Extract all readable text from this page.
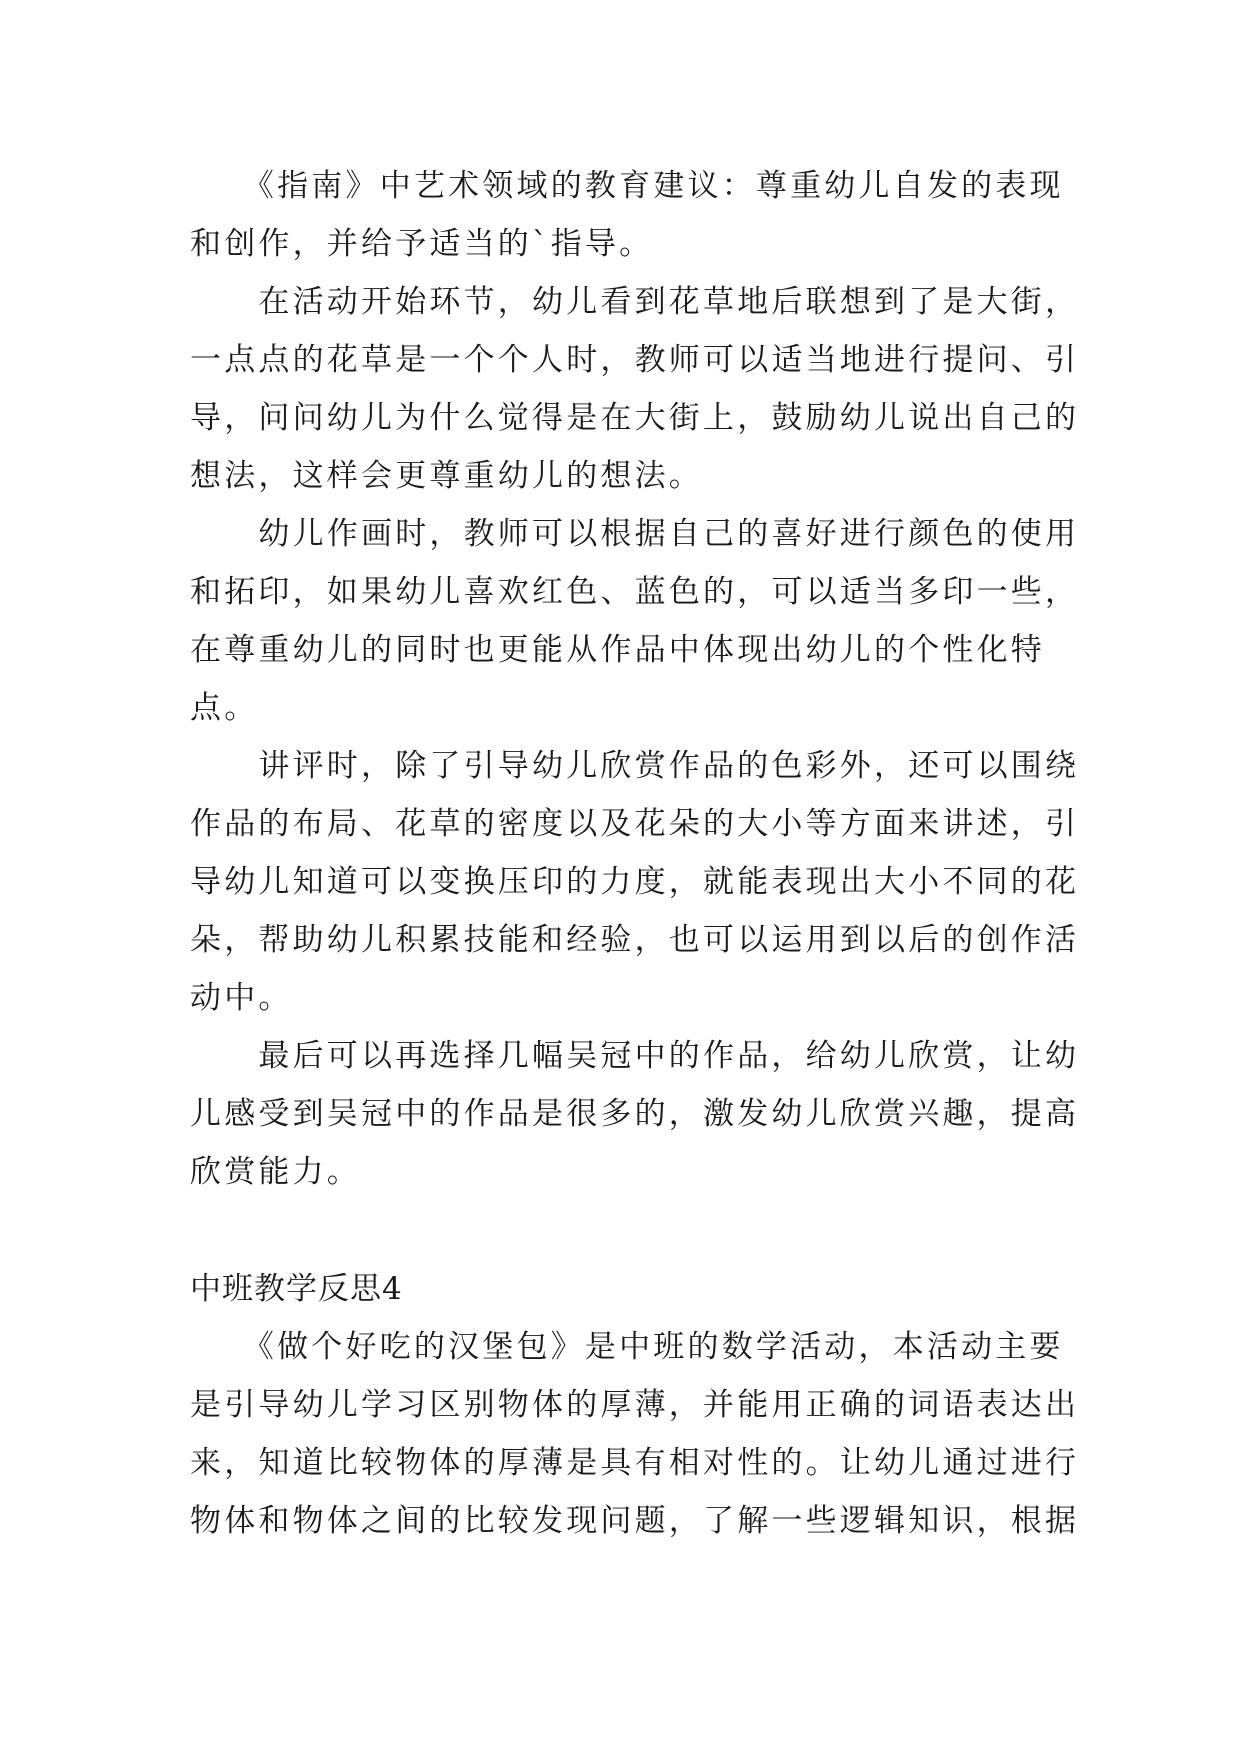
　　《指南》中艺术领域的教育建议：尊重幼儿自发的表现
和创作，并给予适当的`指导。
　　在活动开始环节，幼儿看到花草地后联想到了是大街，
一点点的花草是一个个人时，教师可以适当地进行提问、引
导，问问幼儿为什么觉得是在大街上，鼓励幼儿说出自己的
想法，这样会更尊重幼儿的想法。
　　幼儿作画时，教师可以根据自己的喜好进行颜色的使用
和拓印，如果幼儿喜欢红色、蓝色的，可以适当多印一些，
在尊重幼儿的同时也更能从作品中体现出幼儿的个性化特
点。
　　讲评时，除了引导幼儿欣赏作品的色彩外，还可以围绕
作品的布局、花草的密度以及花朵的大小等方面来讲述，引
导幼儿知道可以变换压印的力度，就能表现出大小不同的花
朵，帮助幼儿积累技能和经验，也可以运用到以后的创作活
动中。
　　最后可以再选择几幅吴冠中的作品，给幼儿欣赏，让幼
儿感受到吴冠中的作品是很多的，激发幼儿欣赏兴趣，提高
欣赏能力。
中班教学反思4
　　《做个好吃的汉堡包》是中班的数学活动，本活动主要
是引导幼儿学习区别物体的厚薄，并能用正确的词语表达出
来，知道比较物体的厚薄是具有相对性的。让幼儿通过进行
物体和物体之间的比较发现问题，了解一些逻辑知识，根据
